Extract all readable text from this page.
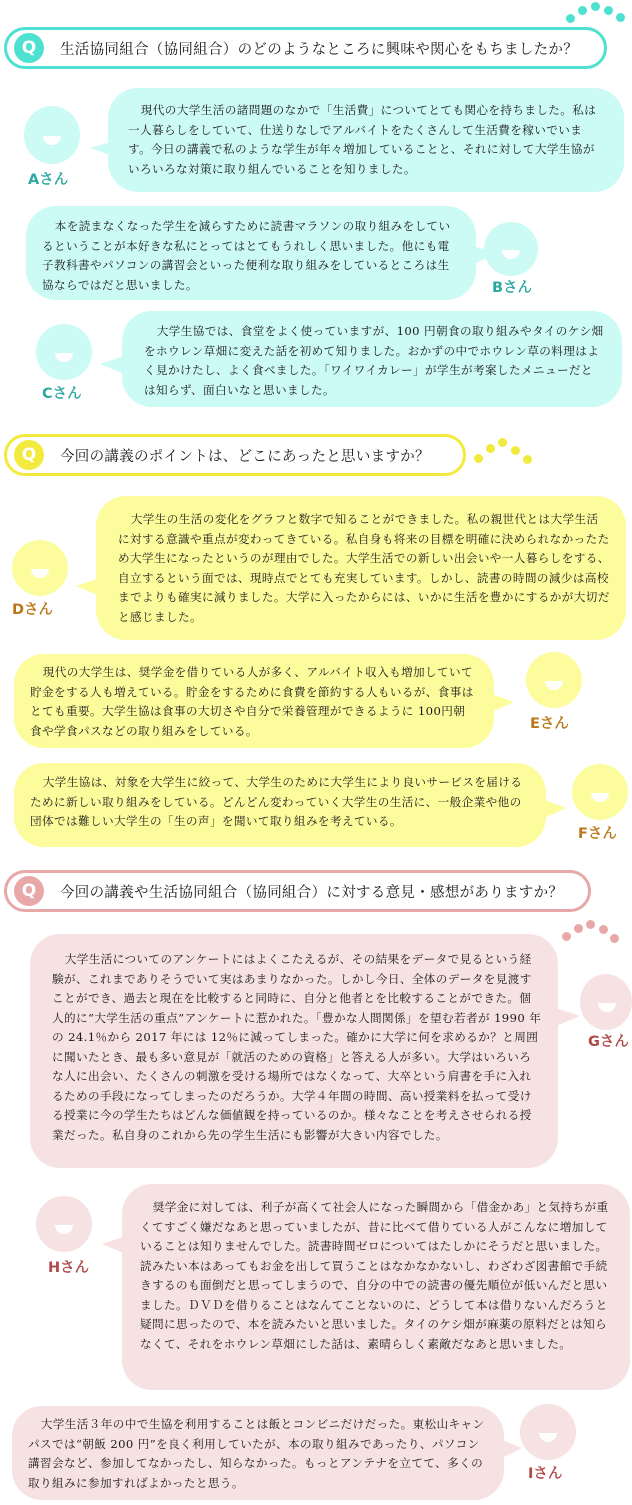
Q	生活協同組合（協同組合）のどのようなところに興味や関心をもちましたか？
Aさん
現代の大学生活の諸問題のなかで「生活費」についてとても関心を持ちました。私は一人暮らしをしていて、仕送りなしでアルバイトをたくさんして生活費を稼いでいます。今日の講義で私のような学生が年々増加していることと、それに対して大学生協がいろいろな対策に取り組んでいることを知りました。
本を読まなくなった学生を減らすために読書マラソンの取り組みをしているということが本好きな私にとってはとてもうれしく思いました。他にも電子教科書やパソコンの講習会といった便利な取り組みをしているところは生協ならではだと思いました。	Bさん
Cさん
大学生協では、食堂をよく使っていますが、100 円朝食の取り組みやタイのケシ畑をホウレン草畑に変えた話を初めて知りました。おかずの中でホウレン草の料理はよく見かけたし、よく食べました。「ワイワイカレー」が学生が考案したメニューだとは知らず、面白いなと思いました。
Q	今回の講義のポイントは、どこにあったと思いますか？
Dさん
大学生の生活の変化をグラフと数字で知ることができました。私の親世代とは大学生活に対する意識や重点が変わってきている。私自身も将来の目標を明確に決められなかったため大学生になったというのが理由でした。大学生活での新しい出会いや一人暮らしをする、自立するという面では、現時点でとても充実しています。しかし、読書の時間の減少は高校までよりも確実に減りました。大学に入ったからには、いかに生活を豊かにするかが大切だと感じました。
現代の大学生は、奨学金を借りている人が多く、アルバイト収入も増加していて貯金をする人も増えている。貯金をするために食費を節約する人もいるが、食事はとても重要。大学生協は食事の大切さや自分で栄養管理ができるように 100円朝食や学食パスなどの取り組みをしている。	Eさん
大学生協は、対象を大学生に絞って、大学生のために大学生により良いサービスを届けるために新しい取り組みをしている。どんどん変わっていく大学生の生活に、一般企業や他の団体では難しい大学生の「生の声」を聞いて取り組みを考えている。
Fさん
Q	今回の講義や生活協同組合（協同組合）に対する意見・感想がありますか？
大学生活についてのアンケートにはよくこたえるが、その結果をデータで見るという経験が、これまでありそうでいて実はあまりなかった。しかし今日、全体のデータを見渡すことができ、過去と現在を比較すると同時に、自分と他者とを比較することができた。個人的に“大学生活の重点”アンケートに惹かれた。「豊かな人間関係」を望む若者が 1990 年の 24.1％から 2017 年には 12％に減ってしまった。確かに大学に何を求めるか？と周囲に聞いたとき、最も多い意見が「就活のための資格」と答える人が多い。大学はいろいろな人に出会い、たくさんの刺激を受ける場所ではなくなって、大卒という肩書を手に入れるための手段になってしまったのだろうか。大学４年間の時間、高い授業料を払って受ける授業に今の学生たちはどんな価値観を持っているのか。様々なことを考えさせられる授業だった。私自身のこれから先の学生生活にも影響が大きい内容でした。
Gさん
Hさん
奨学金に対しては、利子が高くて社会人になった瞬間から「借金かあ」と気持ちが重くてすごく嫌だなあと思っていましたが、昔に比べて借りている人がこんなに増加していることは知りませんでした。読書時間ゼロについてはたしかにそうだと思いました。読みたい本はあってもお金を出して買うことはなかなかないし、わざわざ図書館で手続きするのも面倒だと思ってしまうので、自分の中での読書の優先順位が低いんだと思いました。ＤＶＤを借りることはなんてことないのに、どうして本は借りないんだろうと疑問に思ったので、本を読みたいと思いました。タイのケシ畑が麻薬の原料だとは知らなくて、それをホウレン草畑にした話は、素晴らしく素敵だなあと思いました。
大学生活３年の中で生協を利用することは飯とコンビニだけだった。東松山キャンパスでは“朝飯 200 円”を良く利用していたが、本の取り組みであったり、パソコン講習会など、参加してなかったし、知らなかった。もっとアンテナを立てて、多くの取り組みに参加すればよかったと思う。
Iさん
